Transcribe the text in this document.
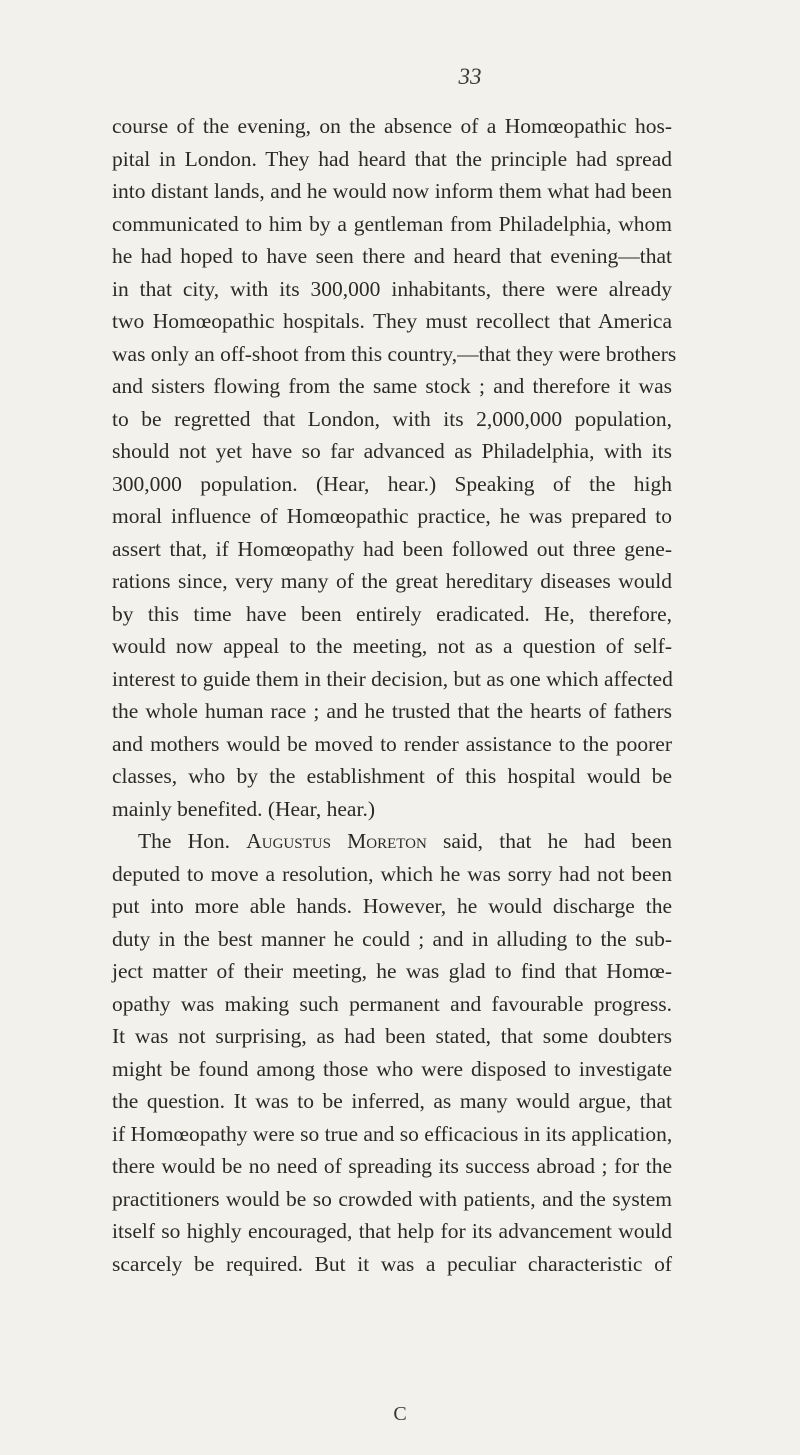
33
course of the evening, on the absence of a Homœopathic hos-
pital in London. They had heard that the principle had spread
into distant lands, and he would now inform them what had been
communicated to him by a gentleman from Philadelphia, whom
he had hoped to have seen there and heard that evening—that
in that city, with its 300,000 inhabitants, there were already
two Homœopathic hospitals. They must recollect that America
was only an off-shoot from this country,—that they were brothers
and sisters flowing from the same stock ; and therefore it was
to be regretted that London, with its 2,000,000 population,
should not yet have so far advanced as Philadelphia, with its
300,000 population. (Hear, hear.) Speaking of the high
moral influence of Homœopathic practice, he was prepared to
assert that, if Homœopathy had been followed out three gene-
rations since, very many of the great hereditary diseases would
by this time have been entirely eradicated. He, therefore,
would now appeal to the meeting, not as a question of self-
interest to guide them in their decision, but as one which affected
the whole human race ; and he trusted that the hearts of fathers
and mothers would be moved to render assistance to the poorer
classes, who by the establishment of this hospital would be
mainly benefited. (Hear, hear.)
The Hon. Augustus Moreton said, that he had been
deputed to move a resolution, which he was sorry had not been
put into more able hands. However, he would discharge the
duty in the best manner he could ; and in alluding to the sub-
ject matter of their meeting, he was glad to find that Homœ-
opathy was making such permanent and favourable progress.
It was not surprising, as had been stated, that some doubters
might be found among those who were disposed to investigate
the question. It was to be inferred, as many would argue, that
if Homœopathy were so true and so efficacious in its application,
there would be no need of spreading its success abroad ; for the
practitioners would be so crowded with patients, and the system
itself so highly encouraged, that help for its advancement would
scarcely be required. But it was a peculiar characteristic of
C
